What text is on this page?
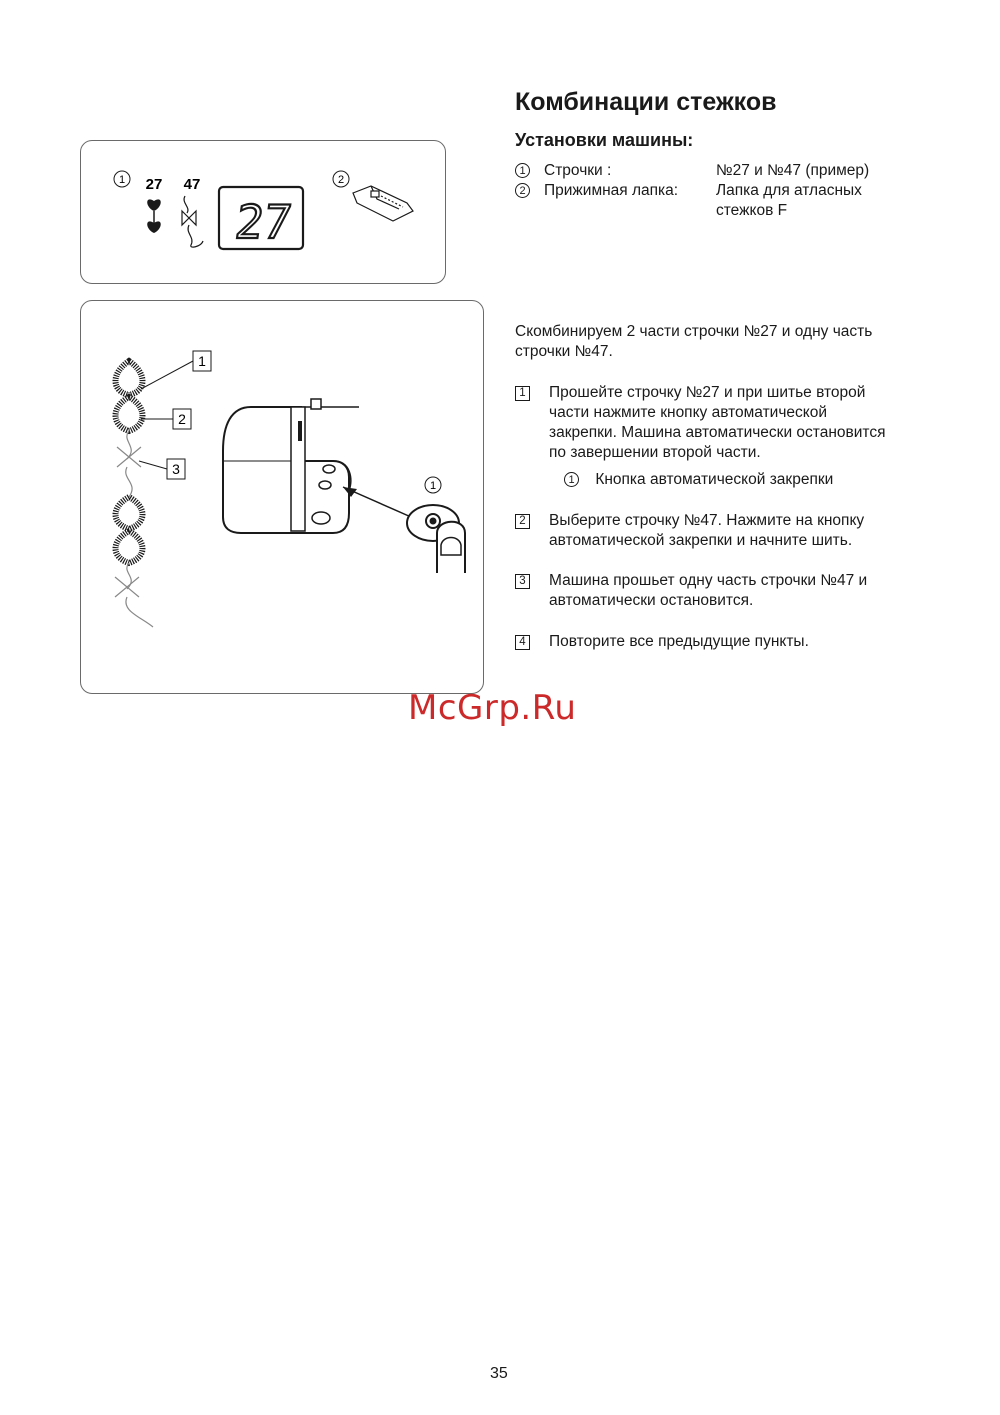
Комбинации стежков
Установки машины:
1 Строчки :	№27 и №47 (пример)
2 Прижимная лапка: Лапка для атласных
стежков F
Скомбинируем 2 части строчки №27 и одну часть
строчки №47.
1 Прошейте строчку №27 и при шитье второй
части нажмите кнопку автоматической
закрепки. Машина автоматически остановится
по завершении второй части.
1 Кнопка автоматической закрепки
2 Выберите строчку №47. Нажмите на кнопку
автоматической закрепки и начните шить.
3 Машина прошьет одну часть строчки №47 и
автоматически остановится.
4 Повторите все предыдущие пункты.
1 27 47
27
2
1
2
3
1
McGrp.Ru
35
